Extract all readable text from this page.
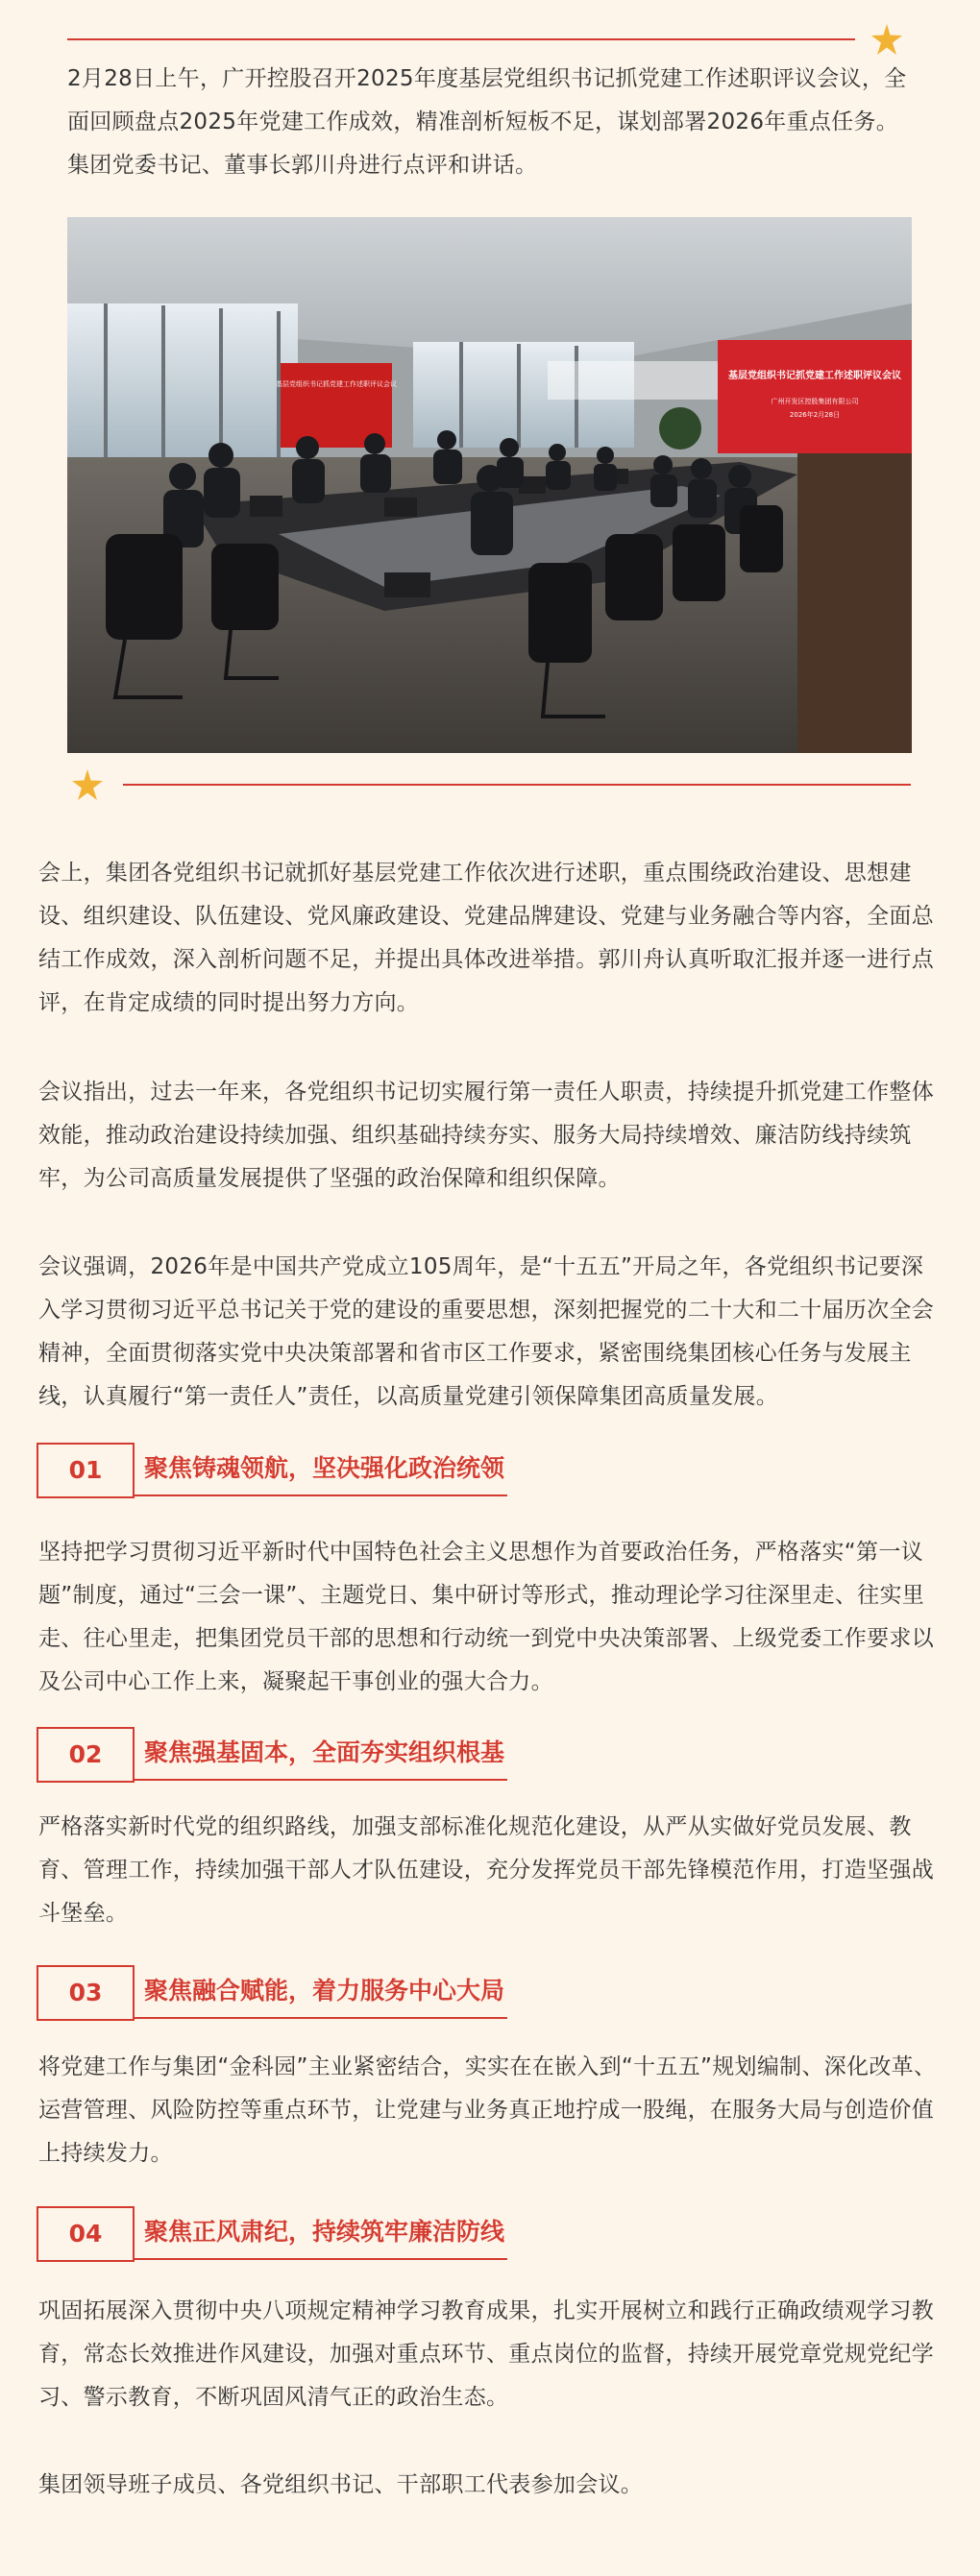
2月28日上午，广开控股召开2025年度基层党组织书记抓党建工作述职评议会议，全面回顾盘点2025年党建工作成效，精准剖析短板不足，谋划部署2026年重点任务。集团党委书记、董事长郭川舟进行点评和讲话。

基层党组织书记抓党建工作述职评议会议
基层党组织书记抓党建工作述职评议会议
广州开发区控股集团有限公司
2026年2月28日

会上，集团各党组织书记就抓好基层党建工作依次进行述职，重点围绕政治建设、思想建设、组织建设、队伍建设、党风廉政建设、党建品牌建设、党建与业务融合等内容，全面总结工作成效，深入剖析问题不足，并提出具体改进举措。郭川舟认真听取汇报并逐一进行点评，在肯定成绩的同时提出努力方向。

会议指出，过去一年来，各党组织书记切实履行第一责任人职责，持续提升抓党建工作整体效能，推动政治建设持续加强、组织基础持续夯实、服务大局持续增效、廉洁防线持续筑牢，为公司高质量发展提供了坚强的政治保障和组织保障。

会议强调，2026年是中国共产党成立105周年，是“十五五”开局之年，各党组织书记要深入学习贯彻习近平总书记关于党的建设的重要思想，深刻把握党的二十大和二十届历次全会精神，全面贯彻落实党中央决策部署和省市区工作要求，紧密围绕集团核心任务与发展主线，认真履行“第一责任人”责任，以高质量党建引领保障集团高质量发展。

01	聚焦铸魂领航，坚决强化政治统领

坚持把学习贯彻习近平新时代中国特色社会主义思想作为首要政治任务，严格落实“第一议题”制度，通过“三会一课”、主题党日、集中研讨等形式，推动理论学习往深里走、往实里走、往心里走，把集团党员干部的思想和行动统一到党中央决策部署、上级党委工作要求以及公司中心工作上来，凝聚起干事创业的强大合力。

02	聚焦强基固本，全面夯实组织根基

严格落实新时代党的组织路线，加强支部标准化规范化建设，从严从实做好党员发展、教育、管理工作，持续加强干部人才队伍建设，充分发挥党员干部先锋模范作用，打造坚强战斗堡垒。

03	聚焦融合赋能，着力服务中心大局

将党建工作与集团“金科园”主业紧密结合，实实在在嵌入到“十五五”规划编制、深化改革、运营管理、风险防控等重点环节，让党建与业务真正地拧成一股绳，在服务大局与创造价值上持续发力。

04	聚焦正风肃纪，持续筑牢廉洁防线

巩固拓展深入贯彻中央八项规定精神学习教育成果，扎实开展树立和践行正确政绩观学习教育，常态长效推进作风建设，加强对重点环节、重点岗位的监督，持续开展党章党规党纪学习、警示教育，不断巩固风清气正的政治生态。

集团领导班子成员、各党组织书记、干部职工代表参加会议。
